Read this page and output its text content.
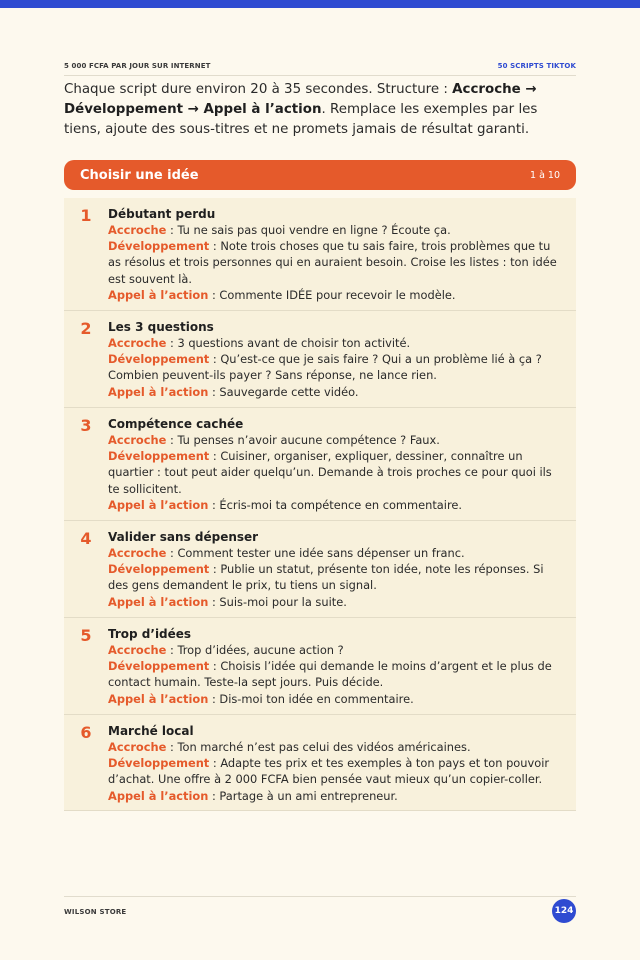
5 000 FCFA PAR JOUR SUR INTERNET	50 SCRIPTS TIKTOK
Chaque script dure environ 20 à 35 secondes. Structure : Accroche → Développement → Appel à l’action. Remplace les exemples par les tiens, ajoute des sous-titres et ne promets jamais de résultat garanti.
Choisir une idée	1 à 10
1	Débutant perdu
Accroche : Tu ne sais pas quoi vendre en ligne ? Écoute ça.
Développement : Note trois choses que tu sais faire, trois problèmes que tu as résolus et trois personnes qui en auraient besoin. Croise les listes : ton idée est souvent là.
Appel à l’action : Commente IDÉE pour recevoir le modèle.
2	Les 3 questions
Accroche : 3 questions avant de choisir ton activité.
Développement : Qu’est-ce que je sais faire ? Qui a un problème lié à ça ? Combien peuvent-ils payer ? Sans réponse, ne lance rien.
Appel à l’action : Sauvegarde cette vidéo.
3	Compétence cachée
Accroche : Tu penses n’avoir aucune compétence ? Faux.
Développement : Cuisiner, organiser, expliquer, dessiner, connaître un quartier : tout peut aider quelqu’un. Demande à trois proches ce pour quoi ils te sollicitent.
Appel à l’action : Écris-moi ta compétence en commentaire.
4	Valider sans dépenser
Accroche : Comment tester une idée sans dépenser un franc.
Développement : Publie un statut, présente ton idée, note les réponses. Si des gens demandent le prix, tu tiens un signal.
Appel à l’action : Suis-moi pour la suite.
5	Trop d’idées
Accroche : Trop d’idées, aucune action ?
Développement : Choisis l’idée qui demande le moins d’argent et le plus de contact humain. Teste-la sept jours. Puis décide.
Appel à l’action : Dis-moi ton idée en commentaire.
6	Marché local
Accroche : Ton marché n’est pas celui des vidéos américaines.
Développement : Adapte tes prix et tes exemples à ton pays et ton pouvoir d’achat. Une offre à 2 000 FCFA bien pensée vaut mieux qu’un copier-coller.
Appel à l’action : Partage à un ami entrepreneur.
WILSON STORE	124
